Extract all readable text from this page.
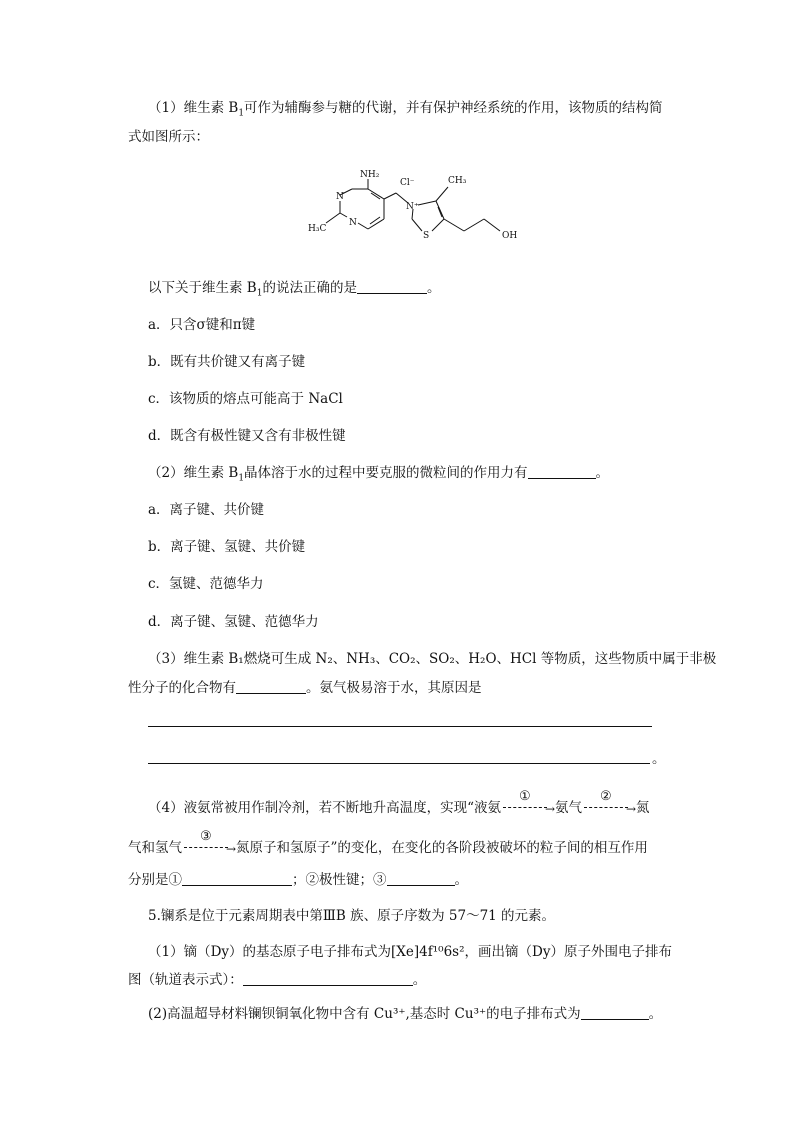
（1）维生素 $B_1$可作为辅酶参与糖的代谢，并有保护神经系统的作用，该物质的结构简
式如图所示：
NH₂
N
N
H₃C
Cl⁻
N⁺
CH₃
S	OH
以下关于维生素 $B_1$的说法正确的是	。
a．只含σ键和π键
b．既有共价键又有离子键
c．该物质的熔点可能高于 NaCl
d．既含有极性键又含有非极性键
（2）维生素 $B_1$晶体溶于水的过程中要克服的微粒间的作用力有	。
a．离子键、共价键
b．离子键、氢键、共价键
c．氢键、范德华力
d．离子键、氢键、范德华力
（3）维生素 B₁燃烧可生成 N₂、NH₃、CO₂、SO₂、H₂O、HCl 等物质，这些物质中属于非极
性分子的化合物有	。氨气极易溶于水，其原因是
。
（4）液氨常被用作制冷剂，若不断地升高温度，实现“液氨	→
①
氨气	→
②
氮
气和氢气	→
③
氮原子和氢原子”的变化，在变化的各阶段被破坏的粒子间的相互作用
分别是①	；②极性键；③	。
5.镧系是位于元素周期表中第ⅢB 族、原子序数为 57～71 的元素。
（1）镝（Dy）的基态原子电子排布式为[Xe]4f¹⁰6s²，画出镝（Dy）原子外围电子排布
图（轨道表示式）：	。
(2)高温超导材料镧钡铜氧化物中含有 Cu³⁺,基态时 Cu³⁺的电子排布式为	。
